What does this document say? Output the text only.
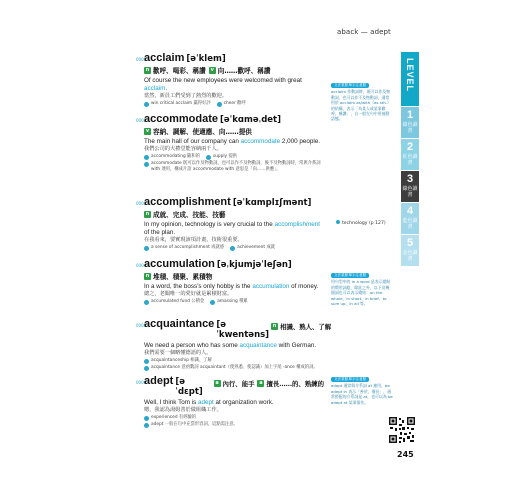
aback — adept
0001
acclaim [əˈklem]
n 歡呼、喝彩、稱讚 v 向……歡呼、稱讚
Of course the new employees were welcomed with great acclaim.
當然，新員工們受到了熱烈的歡迎。
win critical acclaim 贏得好評	cheer 歡呼
0002
accommodate [əˈkɑməˌdet]
v 容納、調解、使適應、向……提供
The main hall of our company can accommodate 2,000 people.
我們公司的大禮堂能容納兩千人。
accommodating 隨和的	supply 提供
accommodate 既可以作及物動詞，也可以作不及物動詞，後不及物動詞時，常與介系詞 with 連用，構成片語 accommodate with 意思是「向……供應」。
0003
accomplishment [əˈkɑmplɪʃmənt]
n 成就、完成、技能、技藝
In my opinion, technology is very crucial to the accomplishment of the plan.
在我看來，要實現該項計畫，技術很重要。
a sense of accomplishment 成就感	achievement 成就
0004
accumulation [əˌkjumjəˈleʃən]
n 堆積、積聚、累積物
In a word, the boss's only hobby is the accumulation of money.
總之，老闆唯一的愛好就是累積財富。
accumulated fund 公積金	amassing 積累
0005
acquaintance [əˈkwentəns]
n 相識、熟人、了解
We need a person who has some acquaintance with German.
我們需要一個略懂德語的人。
acquaintanceship 相識、了解
acquaintance 意函數詞 acquaintant（使熟悉、使認識）加上字尾 -ance 構成的詞。
0006
adept [əˈdɛpt]
a 內行、能手 a 擅長……的、熟練的
Well, I think Tom is adept at organization work.
嗯，我認為湯姆善於做組織工作。
experienced 有經驗的
adept 一般在句中充當形容詞，這點需注意。
文法重點單字注意點
acclaim 作動詞時，既可以作及物動詞，也可以作不及物動詞，通常用於 acclaim as/with（as sth.）的結構，表示「為某人或某事歡呼、稱讚」，自一般在句中用被動語態。
文法重點單字注意點
用句型中的 in a word 是表示總結的慣用詞組，除此之外，以下這幾個詞也可以表示總結：on the whole、in short、in brief、to sum up、in all 等。
文法重點單字注意點
adept 通常與介系詞 at 連用，be adept in 表示「善於、擅長」，通常搭配的介系詞是 at，也可以為 be adept at 某事情作。
technology (p 127)
LEVEL
1
綠色讀書
2
紅色讀書
3
綠色讀書
4
藍色讀書
5
金色讀書
245
